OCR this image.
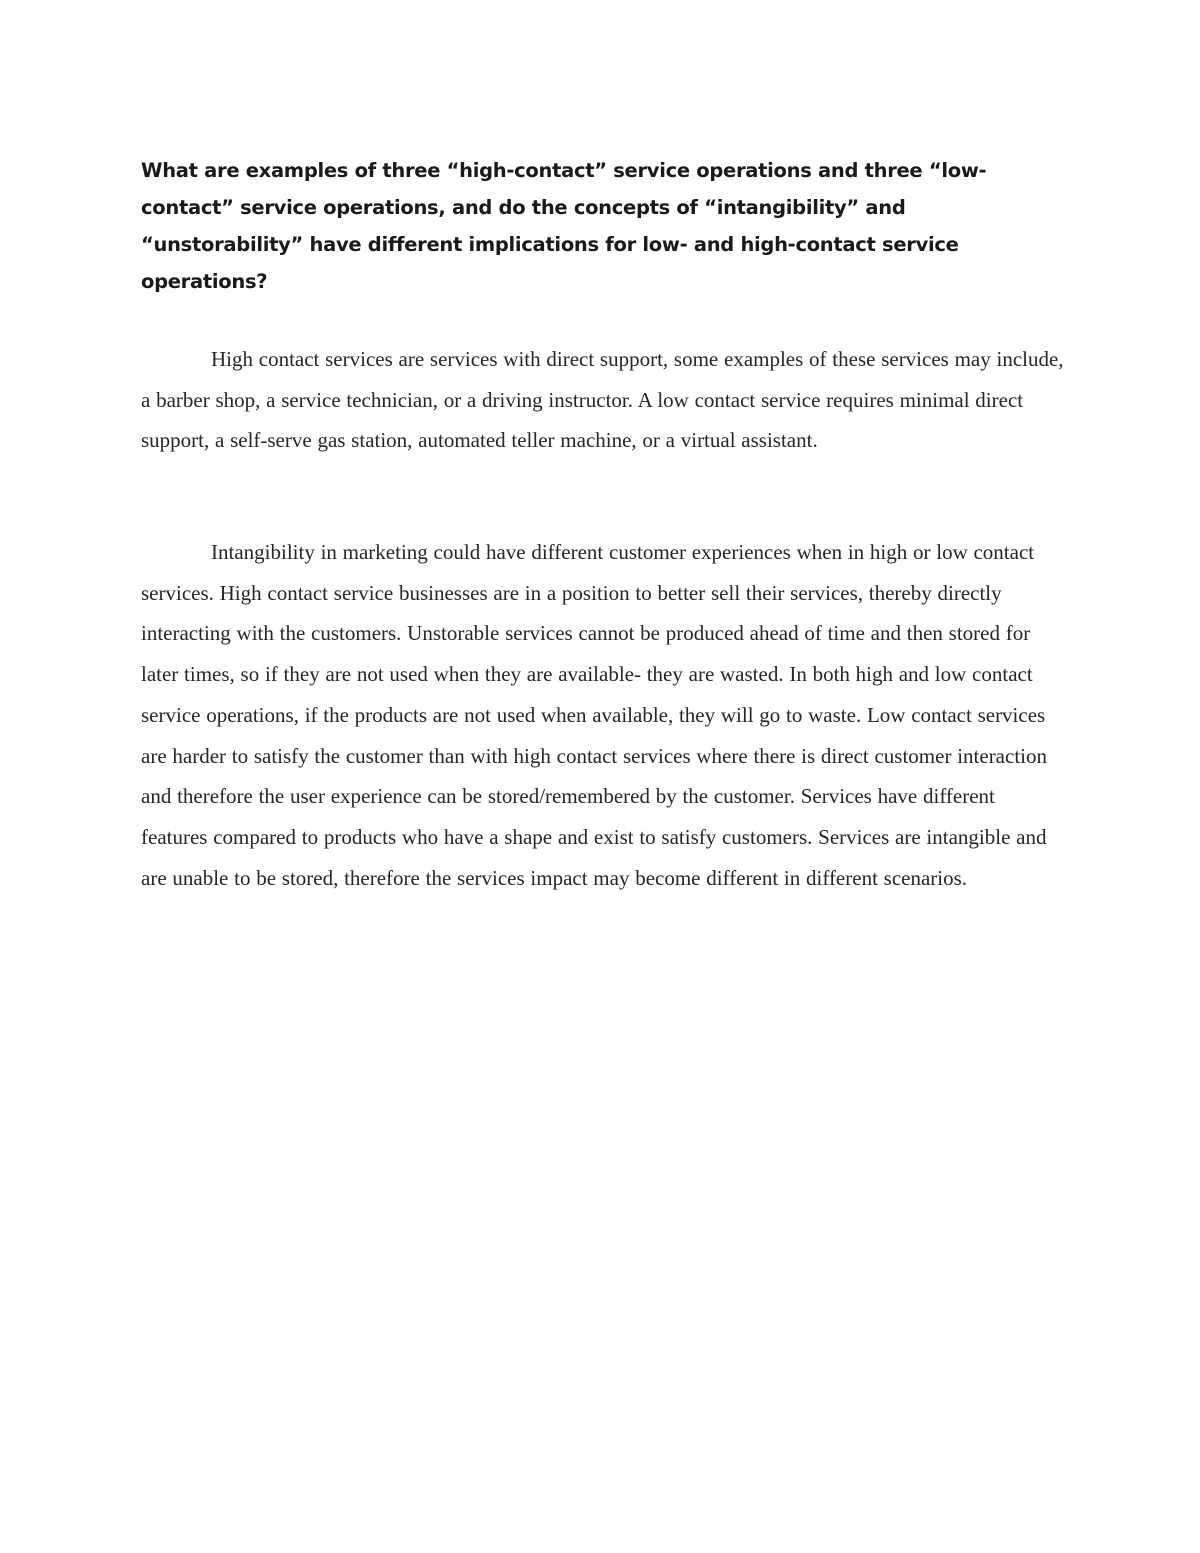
What are examples of three “high-contact” service operations and three “low-contact” service operations, and do the concepts of “intangibility” and “unstorability” have different implications for low- and high-contact service operations?

High contact services are services with direct support, some examples of these services may include, a barber shop, a service technician, or a driving instructor. A low contact service requires minimal direct support, a self-serve gas station, automated teller machine, or a virtual assistant.

Intangibility in marketing could have different customer experiences when in high or low contact services. High contact service businesses are in a position to better sell their services, thereby directly interacting with the customers. Unstorable services cannot be produced ahead of time and then stored for later times, so if they are not used when they are available- they are wasted. In both high and low contact service operations, if the products are not used when available, they will go to waste. Low contact services are harder to satisfy the customer than with high contact services where there is direct customer interaction and therefore the user experience can be stored/remembered by the customer. Services have different features compared to products who have a shape and exist to satisfy customers. Services are intangible and are unable to be stored, therefore the services impact may become different in different scenarios.
